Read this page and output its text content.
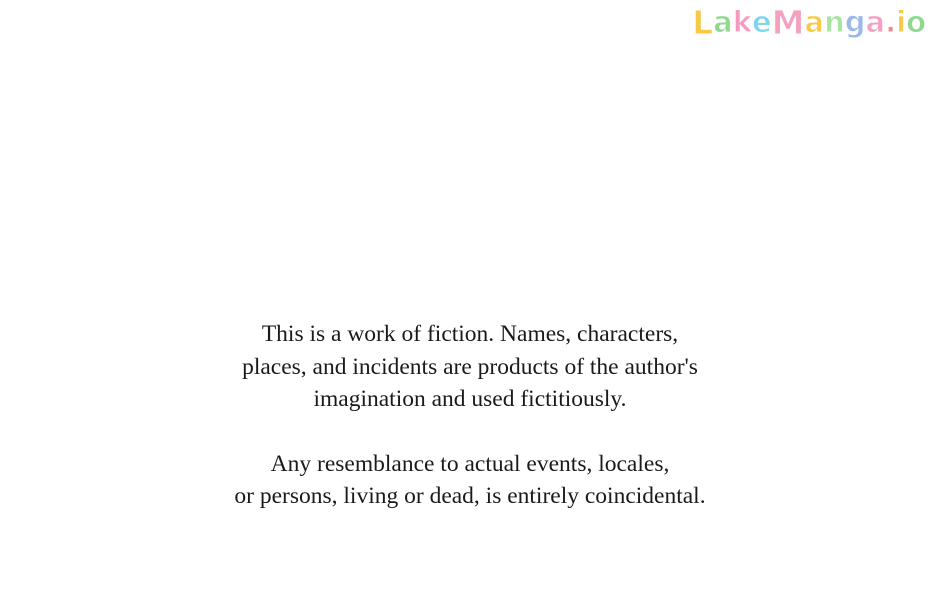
LakeManga.io
This is a work of fiction. Names, characters,
places, and incidents are products of the author's
imagination and used fictitiously.
Any resemblance to actual events, locales,
or persons, living or dead, is entirely coincidental.
